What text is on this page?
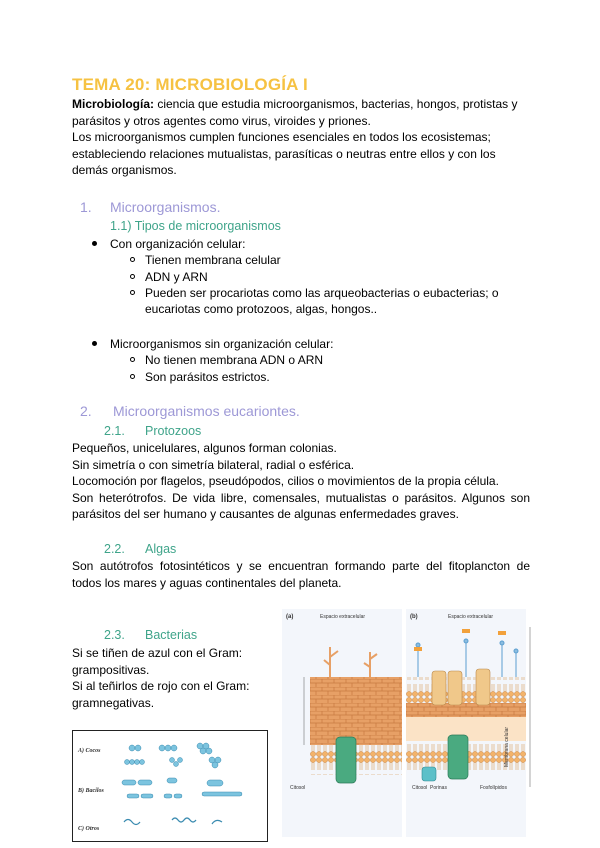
TEMA 20: MICROBIOLOGÍA I
Microbiología: ciencia que estudia microorganismos, bacterias, hongos, protistas y parásitos y otros agentes como virus, viroides y priones.
Los microorganismos cumplen funciones esenciales en todos los ecosistemas;
estableciendo relaciones mutualistas, parasíticas o neutras entre ellos y con los
demás organismos.
1. Microorganismos.
1.1) Tipos de microorganismos
Con organización celular:
Tienen membrana celular
ADN y ARN
Pueden ser procariotas como las arqueobacterias o eubacterias; o
eucariotas como protozoos, algas, hongos..
Microorganismos sin organización celular:
No tienen membrana ADN o ARN
Son parásitos estrictos.
2. Microorganismos eucariontes.
2.1. Protozoos
Pequeños, unicelulares, algunos forman colonias.
Sin simetría o con simetría bilateral, radial o esférica.
Locomoción por flagelos, pseudópodos, cilios o movimientos de la propia célula.
Son heterótrofos. De vida libre, comensales, mutualistas o parásitos. Algunos son parásitos del ser humano y causantes de algunas enfermedades graves.
2.2. Algas
Son autótrofos fotosintéticos y se encuentran formando parte del fitoplancton de todos los mares y aguas continentales del planeta.
2.3. Bacterias
Si se tiñen de azul con el Gram:
grampositivas.
Si al teñirlos de rojo con el Gram:
gramnegativas.
A) Cocos
B) Bacilos
C) Otros
(a)	Espacio extracelular
Citosol
(b)	Espacio extracelular
Citosol Porinas	Fosfolípidos
Membrana celular
